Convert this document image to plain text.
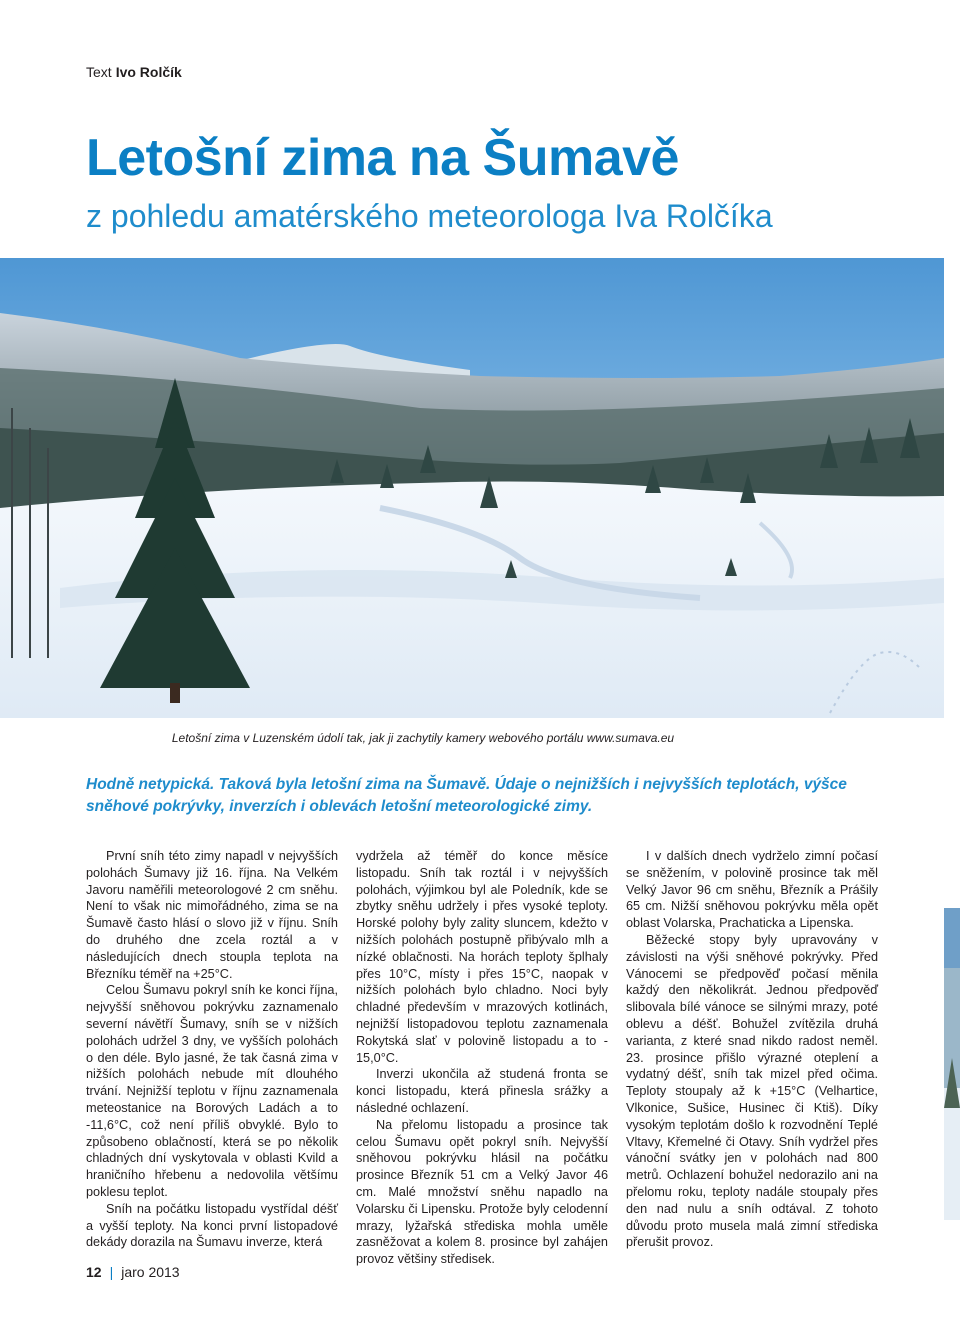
Text Ivo Rolčík
Letošní zima na Šumavě
z pohledu amatérského meteorologa Iva Rolčíka
Letošní zima v Luzenském údolí tak, jak ji zachytily kamery webového portálu www.sumava.eu
Hodně netypická. Taková byla letošní zima na Šumavě. Údaje o nejnižších i nejvyšších teplotách, výšce sněhové pokrývky, inverzích i oblevách letošní meteorologické zimy.

První sníh této zimy napadl v nejvyšších polohách Šumavy již 16. října. Na Velkém Javoru naměřili meteorologové 2 cm sněhu. Není to však nic mimořádného, zima se na Šumavě často hlásí o slovo již v říjnu. Sníh do druhého dne zcela roztál a v následujících dnech stoupla teplota na Březníku téměř na +25°C.

Celou Šumavu pokryl sníh ke konci října, nejvyšší sněhovou pokrývku zaznamenalo severní návětří Šumavy, sníh se v nižších polohách udržel 3 dny, ve vyšších polohách o den déle. Bylo jasné, že tak časná zima v nižších polohách nebude mít dlouhého trvání. Nejnižší teplotu v říjnu zaznamenala meteostanice na Borových Ladách a to -11,6°C, což není příliš obvyklé. Bylo to způsobeno oblačností, která se po několik chladných dní vyskytovala v oblasti Kvild a hraničního hřebenu a nedovolila většímu poklesu teplot.

Sníh na počátku listopadu vystřídal déšť a vyšší teploty. Na konci první listopadové dekády dorazila na Šumavu inverze, která

vydržela až téměř do konce měsíce listopadu. Sníh tak roztál i v nejvyšších polohách, výjimkou byl ale Poledník, kde se zbytky sněhu udržely i přes vysoké teploty. Horské polohy byly zality sluncem, kdežto v nižších polohách postupně přibývalo mlh a nízké oblačnosti. Na horách teploty šplhaly přes 10°C, místy i přes 15°C, naopak v nižších polohách bylo chladno. Noci byly chladné především v mrazových kotlinách, nejnižší listopadovou teplotu zaznamenala Rokytská slať v polovině listopadu a to - 15,0°C.

Inverzi ukončila až studená fronta se konci listopadu, která přinesla srážky a následné ochlazení.

Na přelomu listopadu a prosince tak celou Šumavu opět pokryl sníh. Nejvyšší sněhovou pokrývku hlásil na počátku prosince Březník 51 cm a Velký Javor 46 cm. Malé množství sněhu napadlo na Volarsku či Lipensku. Protože byly celodenní mrazy, lyžařská střediska mohla uměle zasněžovat a kolem 8. prosince byl zahájen provoz většiny středisek.

I v dalších dnech vydrželo zimní počasí se sněžením, v polovině prosince tak měl Velký Javor 96 cm sněhu, Březník a Prášily 65 cm. Nižší sněhovou pokrývku měla opět oblast Volarska, Prachaticka a Lipenska.

Běžecké stopy byly upravovány v závislosti na výši sněhové pokrývky. Před Vánocemi se předpověď počasí měnila každý den několikrát. Jednou předpověď slibovala bílé vánoce se silnými mrazy, poté oblevu a déšť. Bohužel zvítězila druhá varianta, z které snad nikdo radost neměl. 23. prosince přišlo výrazné oteplení a vydatný déšť, sníh tak mizel před očima. Teploty stoupaly až k +15°C (Velhartice, Vlkonice, Sušice, Husinec či Ktiš). Díky vysokým teplotám došlo k rozvodnění Teplé Vltavy, Křemelné či Otavy. Sníh vydržel přes vánoční svátky jen v polohách nad 800 metrů. Ochlazení bohužel nedorazilo ani na přelomu roku, teploty nadále stoupaly přes den nad nulu a sníh odtával. Z tohoto důvodu proto musela malá zimní střediska přerušit provoz.

12 | jaro 2013
